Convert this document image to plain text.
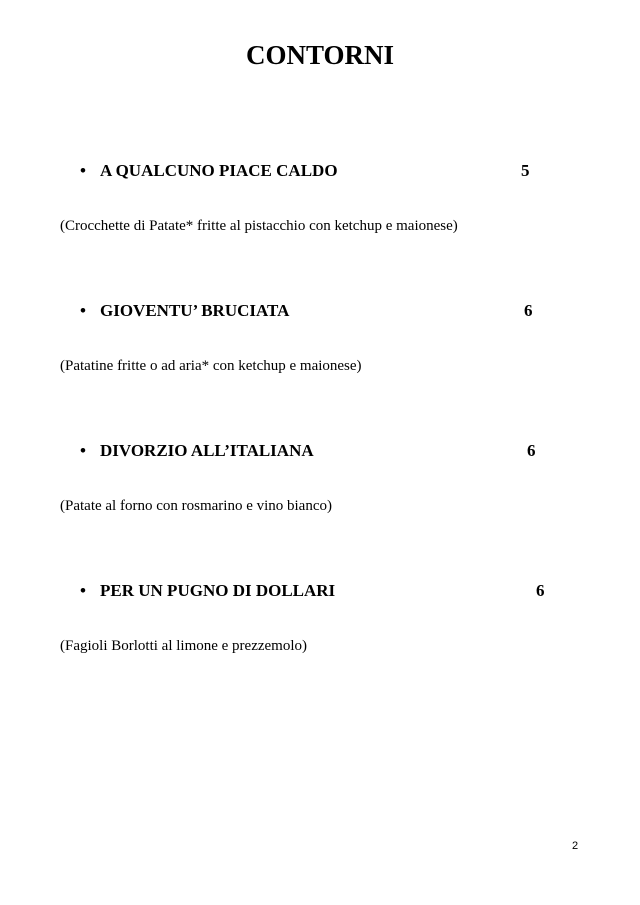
CONTORNI
• A QUALCUNO PIACE CALDO	5
(Crocchette di Patate* fritte al pistacchio con ketchup e maionese)
• GIOVENTU’ BRUCIATA	6
(Patatine fritte o ad aria* con ketchup e maionese)
• DIVORZIO ALL’ITALIANA	6
(Patate al forno con rosmarino e vino bianco)
• PER UN PUGNO DI DOLLARI	6
(Fagioli Borlotti al limone e prezzemolo)
2
